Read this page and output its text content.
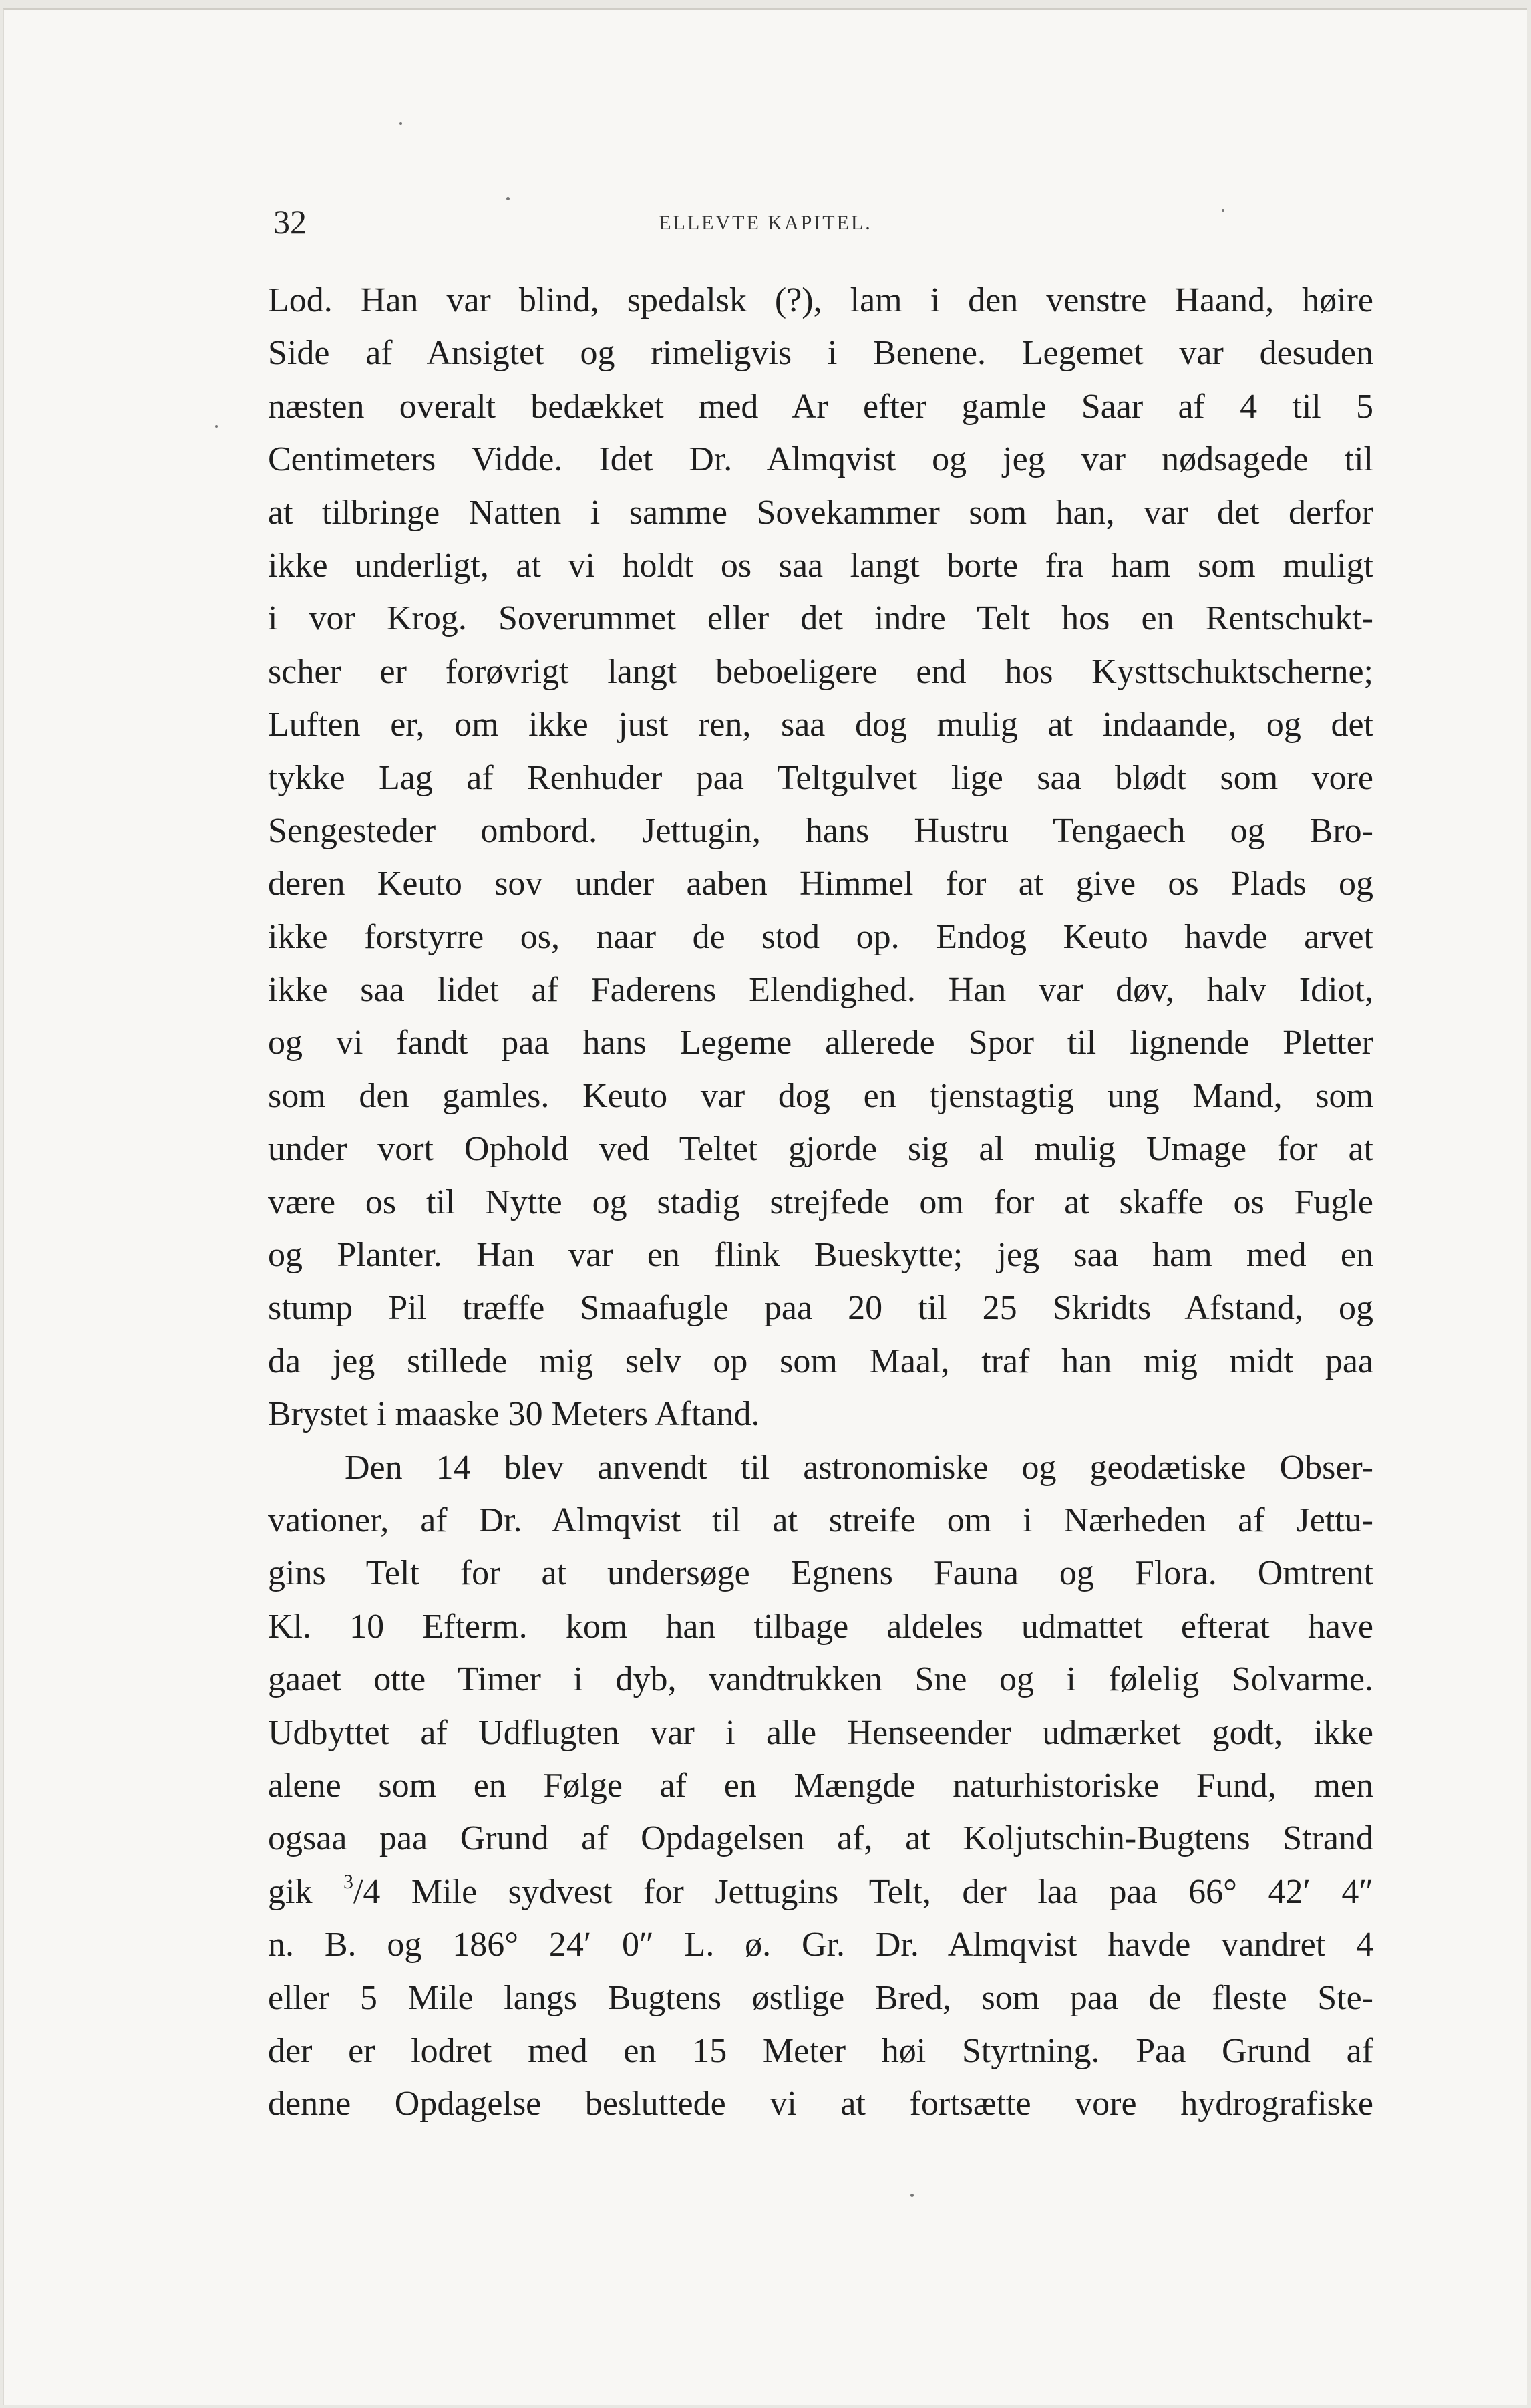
32	ELLEVTE KAPITEL.
Lod. Han var blind, spedalsk (?), lam i den venstre Haand, høire
Side af Ansigtet og rimeligvis i Benene. Legemet var desuden
næsten overalt bedækket med Ar efter gamle Saar af 4 til 5
Centimeters Vidde. Idet Dr. Almqvist og jeg var nødsagede til
at tilbringe Natten i samme Sovekammer som han, var det derfor
ikke underligt, at vi holdt os saa langt borte fra ham som muligt
i vor Krog. Soverummet eller det indre Telt hos en Rentschukt-
scher er forøvrigt langt beboeligere end hos Kysttschuktscherne;
Luften er, om ikke just ren, saa dog mulig at indaande, og det
tykke Lag af Renhuder paa Teltgulvet lige saa blødt som vore
Sengesteder ombord. Jettugin, hans Hustru Tengaech og Bro-
deren Keuto sov under aaben Himmel for at give os Plads og
ikke forstyrre os, naar de stod op. Endog Keuto havde arvet
ikke saa lidet af Faderens Elendighed. Han var døv, halv Idiot,
og vi fandt paa hans Legeme allerede Spor til lignende Pletter
som den gamles. Keuto var dog en tjenstagtig ung Mand, som
under vort Ophold ved Teltet gjorde sig al mulig Umage for at
være os til Nytte og stadig strejfede om for at skaffe os Fugle
og Planter. Han var en flink Bueskytte; jeg saa ham med en
stump Pil træffe Smaafugle paa 20 til 25 Skridts Afstand, og
da jeg stillede mig selv op som Maal, traf han mig midt paa
Brystet i maaske 30 Meters Aftand.
Den 14 blev anvendt til astronomiske og geodætiske Obser-
vationer, af Dr. Almqvist til at streife om i Nærheden af Jettu-
gins Telt for at undersøge Egnens Fauna og Flora. Omtrent
Kl. 10 Efterm. kom han tilbage aldeles udmattet efterat have
gaaet otte Timer i dyb, vandtrukken Sne og i følelig Solvarme.
Udbyttet af Udflugten var i alle Henseender udmærket godt, ikke
alene som en Følge af en Mængde naturhistoriske Fund, men
ogsaa paa Grund af Opdagelsen af, at Koljutschin-Bugtens Strand
gik $^3$/4 Mile sydvest for Jettugins Telt, der laa paa 66° 42′ 4″
n. B. og 186° 24′ 0″ L. ø. Gr. Dr. Almqvist havde vandret 4
eller 5 Mile langs Bugtens østlige Bred, som paa de fleste Ste-
der er lodret med en 15 Meter høi Styrtning. Paa Grund af
denne Opdagelse besluttede vi at fortsætte vore hydrografiske
